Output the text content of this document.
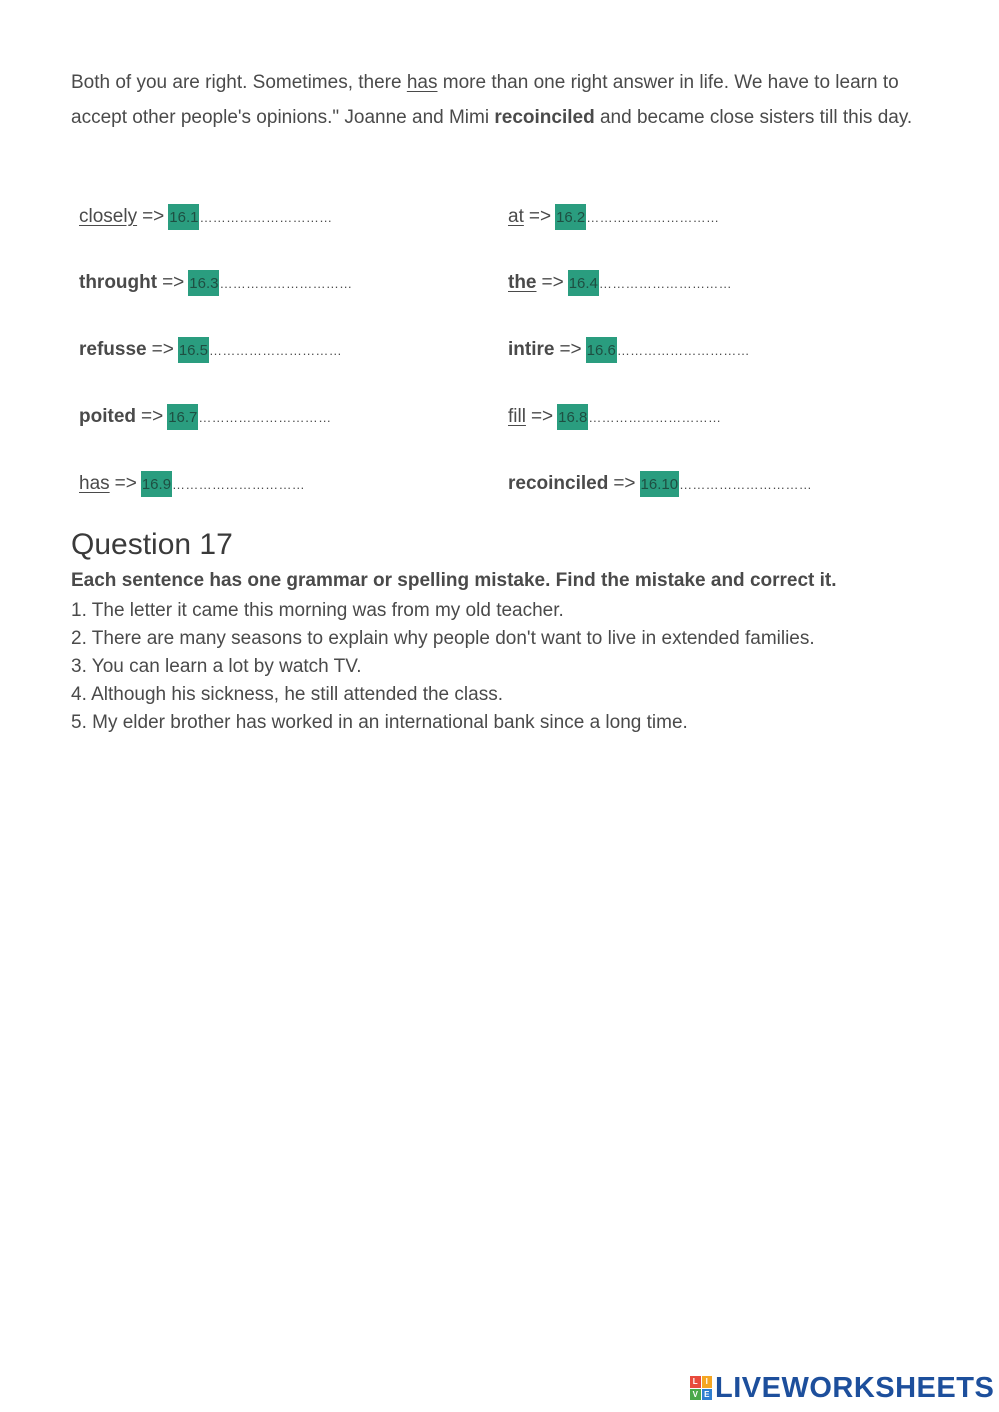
Both of you are right. Sometimes, there has more than one right answer in life. We have to learn to accept other people's opinions." Joanne and Mimi recoinciled and became close sisters till this day.
closely => 16.1…………………………	at => 16.2…………………………
throught => 16.3…………………………	the => 16.4…………………………
refusse => 16.5…………………………	intire => 16.6…………………………
poited => 16.7…………………………	fill => 16.8…………………………
has => 16.9…………………………	recoinciled => 16.10…………………………
Question 17
Each sentence has one grammar or spelling mistake. Find the mistake and correct it.
1. The letter it came this morning was from my old teacher.
2. There are many seasons to explain why people don't want to live in extended families.
3. You can learn a lot by watch TV.
4. Although his sickness, he still attended the class.
5. My elder brother has worked in an international bank since a long time.
L I
V E LIVEWORKSHEETS
